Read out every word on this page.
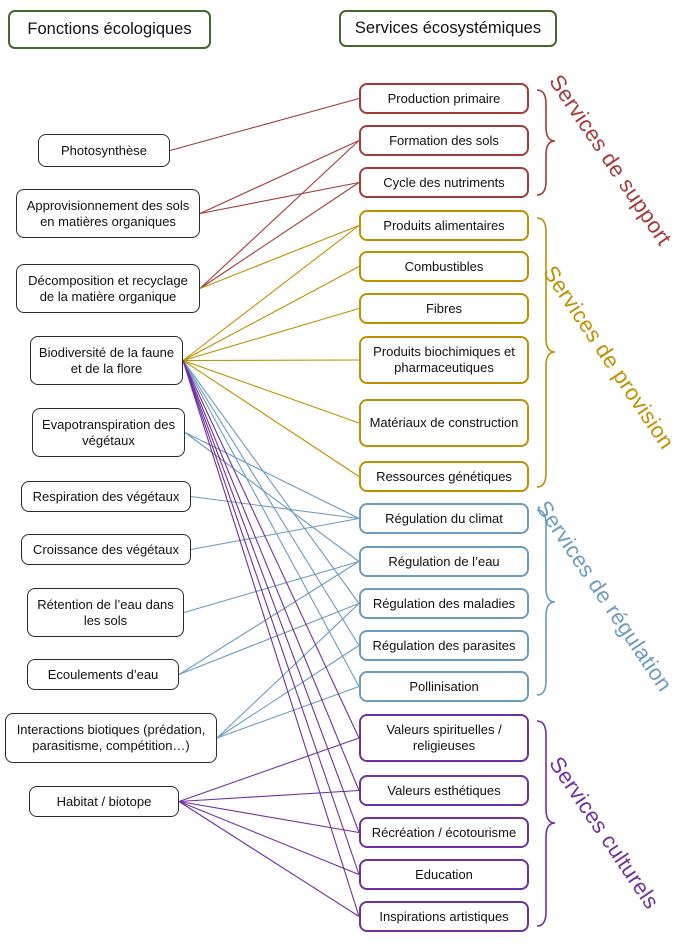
Fonctions écologiques	Services écosystémiques
Photosynthèse
Approvisionnement des sols en matières organiques
Décomposition et recyclage de la matière organique
Biodiversité de la faune et de la flore
Evapotranspiration des végétaux
Respiration des végétaux
Croissance des végétaux
Rétention de l’eau dans les sols
Ecoulements d’eau
Interactions biotiques (prédation, parasitisme, compétition…)
Habitat / biotope
Production primaire
Formation des sols
Cycle des nutriments
Produits alimentaires
Combustibles
Fibres
Produits biochimiques et pharmaceutiques
Matériaux de construction
Ressources génétiques
Régulation du climat
Régulation de l’eau
Régulation des maladies
Régulation des parasites
Pollinisation
Valeurs spirituelles / religieuses
Valeurs esthétiques
Récréation / écotourisme
Education
Inspirations artistiques
Services de support
Services de provision
Services de régulation
Services culturels
